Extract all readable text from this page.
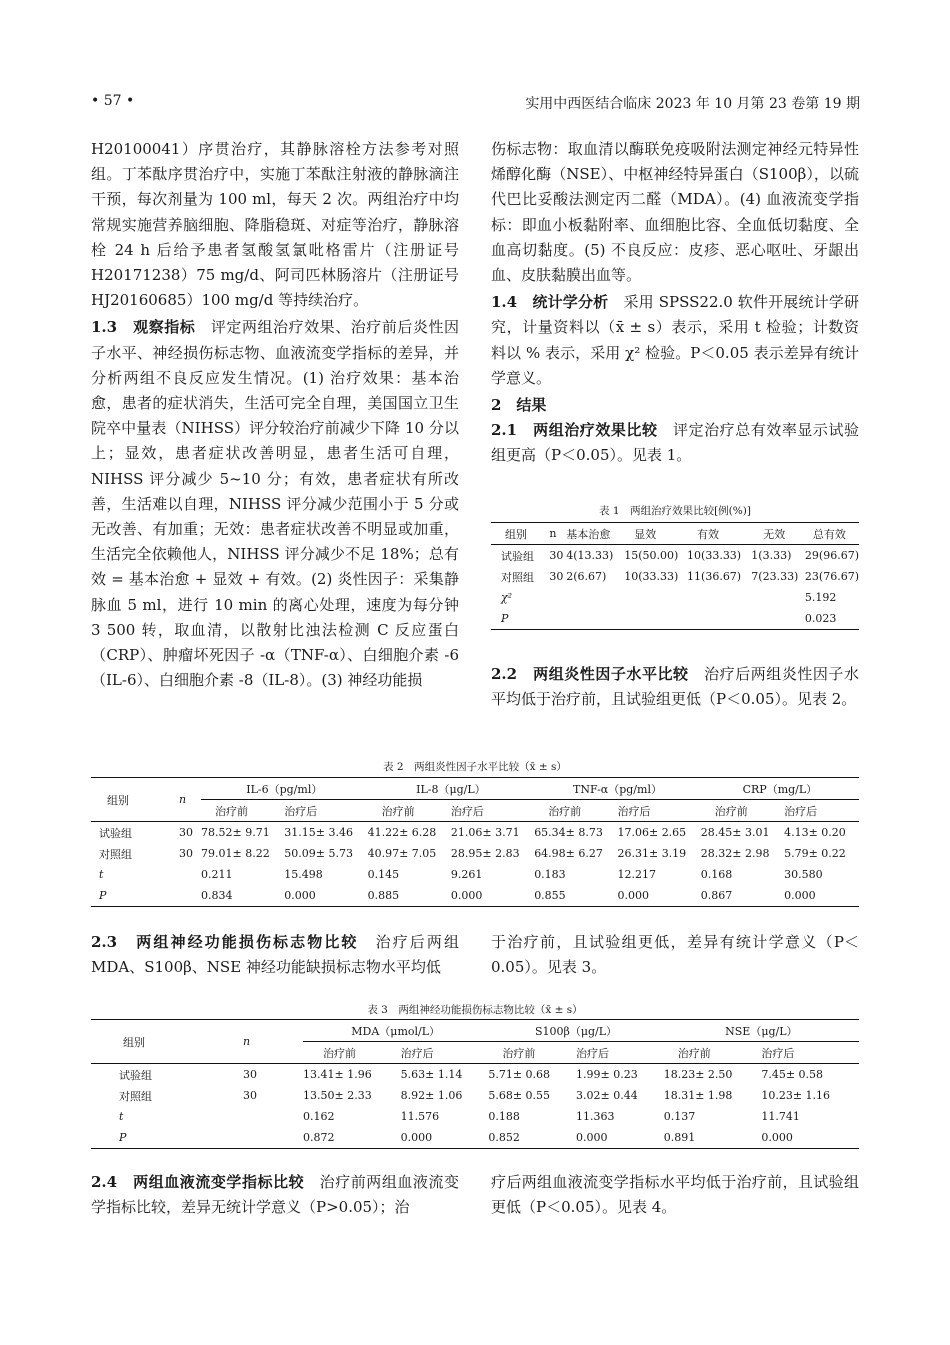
• 57 •	实用中西医结合临床 2023 年 10 月第 23 卷第 19 期

H20100041）序贯治疗，其静脉溶栓方法参考对照组。丁苯酞序贯治疗中，实施丁苯酞注射液的静脉滴注干预，每次剂量为 100 ml，每天 2 次。两组治疗中均常规实施营养脑细胞、降脂稳斑、对症等治疗，静脉溶栓 24 h 后给予患者氢酸氢氯吡格雷片（注册证号 H20171238）75 mg/d、阿司匹林肠溶片（注册证号 HJ20160685）100 mg/d 等持续治疗。

1.3　观察指标　评定两组治疗效果、治疗前后炎性因子水平、神经损伤标志物、血液流变学指标的差异，并分析两组不良反应发生情况。(1) 治疗效果：基本治愈，患者的症状消失，生活可完全自理，美国国立卫生院卒中量表（NIHSS）评分较治疗前减少下降 10 分以上；显效，患者症状改善明显，患者生活可自理，NIHSS 评分减少 5~10 分；有效，患者症状有所改善，生活难以自理，NIHSS 评分减少范围小于 5 分或无改善、有加重；无效：患者症状改善不明显或加重，生活完全依赖他人，NIHSS 评分减少不足 18%；总有效 = 基本治愈 + 显效 + 有效。(2) 炎性因子：采集静脉血 5 ml，进行 10 min 的离心处理，速度为每分钟 3 500 转，取血清，以散射比浊法检测 C 反应蛋白（CRP）、肿瘤坏死因子 -α（TNF-α）、白细胞介素 -6（IL-6）、白细胞介素 -8（IL-8）。(3) 神经功能损

伤标志物：取血清以酶联免疫吸附法测定神经元特异性烯醇化酶（NSE）、中枢神经特异蛋白（S100β），以硫代巴比妥酸法测定丙二醛（MDA）。(4) 血液流变学指标：即血小板黏附率、血细胞比容、全血低切黏度、全血高切黏度。(5) 不良反应：皮疹、恶心呕吐、牙龈出血、皮肤黏膜出血等。

1.4　统计学分析　采用 SPSS22.0 软件开展统计学研究，计量资料以（x̄ ± s）表示，采用 t 检验；计数资料以 % 表示，采用 χ² 检验。P＜0.05 表示差异有统计学意义。

2　结果

2.1　两组治疗效果比较　评定治疗总有效率显示试验组更高（P＜0.05）。见表 1。

表 1　两组治疗效果比较[例(%)]
组别	n	基本治愈	显效	有效	无效	总有效
试验组	30	4(13.33)	15(50.00)	10(33.33)	1(3.33)	29(96.67)
对照组	30	2(6.67)	10(33.33)	11(36.67)	7(23.33)	23(76.67)
χ²						5.192
P						0.023

2.2　两组炎性因子水平比较　治疗后两组炎性因子水平均低于治疗前，且试验组更低（P＜0.05）。见表 2。

表 2　两组炎性因子水平比较（x̄ ± s）
组别	n	IL-6（pg/ml）		IL-8（μg/L）		TNF-α（pg/ml）		CRP（mg/L）	
		治疗前	治疗后	治疗前	治疗后	治疗前	治疗后	治疗前	治疗后
试验组	30	78.52± 9.71	31.15± 3.46	41.22± 6.28	21.06± 3.71	65.34± 8.73	17.06± 2.65	28.45± 3.01	4.13± 0.20
对照组	30	79.01± 8.22	50.09± 5.73	40.97± 7.05	28.95± 2.83	64.98± 6.27	26.31± 3.19	28.32± 2.98	5.79± 0.22
t		0.211	15.498	0.145	9.261	0.183	12.217	0.168	30.580
P		0.834	0.000	0.885	0.000	0.855	0.000	0.867	0.000

2.3　两组神经功能损伤标志物比较　治疗后两组 MDA、S100β、NSE 神经功能缺损标志物水平均低

于治疗前，且试验组更低，差异有统计学意义（P＜0.05）。见表 3。

表 3　两组神经功能损伤标志物比较（x̄ ± s）
组别	n	MDA（μmol/L）		S100β（μg/L）		NSE（μg/L）	
		治疗前	治疗后	治疗前	治疗后	治疗前	治疗后
试验组	30	13.41± 1.96	5.63± 1.14	5.71± 0.68	1.99± 0.23	18.23± 2.50	7.45± 0.58
对照组	30	13.50± 2.33	8.92± 1.06	5.68± 0.55	3.02± 0.44	18.31± 1.98	10.23± 1.16
t		0.162	11.576	0.188	11.363	0.137	11.741
P		0.872	0.000	0.852	0.000	0.891	0.000

2.4　两组血液流变学指标比较　治疗前两组血液流变学指标比较，差异无统计学意义（P>0.05）；治

疗后两组血液流变学指标水平均低于治疗前，且试验组更低（P＜0.05）。见表 4。
